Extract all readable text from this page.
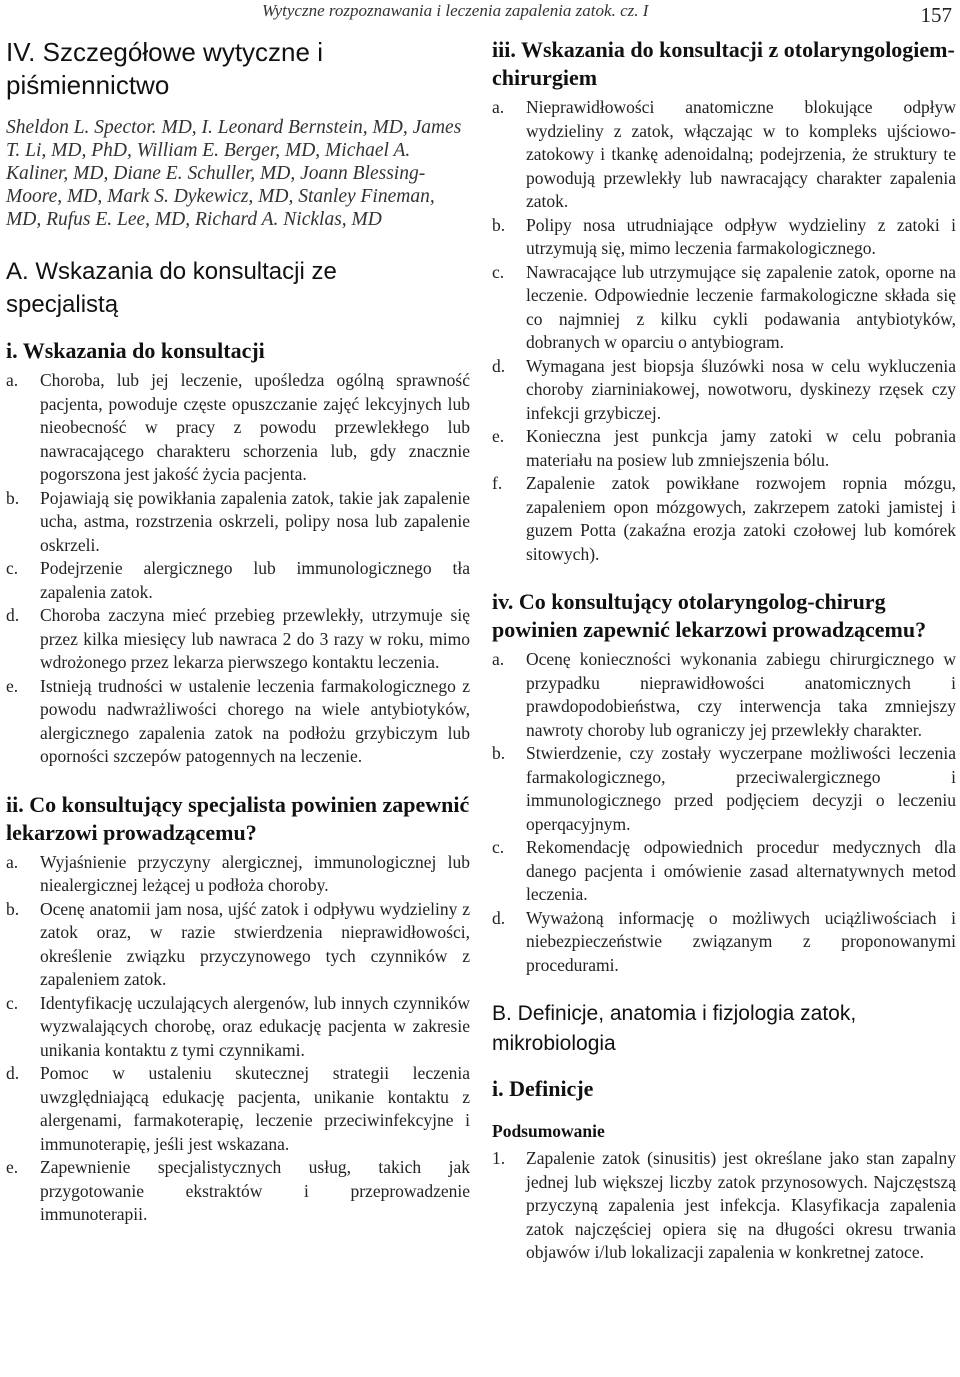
Wytyczne rozpoznawania i leczenia zapalenia zatok. cz. I	157
IV. Szczegółowe wytyczne i piśmiennictwo
Sheldon L. Spector. MD, I. Leonard Bernstein, MD, James T. Li, MD, PhD, William E. Berger, MD, Michael A. Kaliner, MD, Diane E. Schuller, MD, Joann Blessing-Moore, MD, Mark S. Dykewicz, MD, Stanley Fineman, MD, Rufus E. Lee, MD, Richard A. Nicklas, MD
A. Wskazania do konsultacji ze specjalistą
i. Wskazania do konsultacji
a.	Choroba, lub jej leczenie, upośledza ogólną sprawność pacjenta, powoduje częste opuszczanie zajęć lekcyjnych lub nieobecność w pracy z powodu przewlekłego lub nawracającego charakteru schorzenia lub, gdy znacznie pogorszona jest jakość życia pacjenta.
b.	Pojawiają się powikłania zapalenia zatok, takie jak zapalenie ucha, astma, rozstrzenia oskrzeli, polipy nosa lub zapalenie oskrzeli.
c.	Podejrzenie alergicznego lub immunologicznego tła zapalenia zatok.
d.	Choroba zaczyna mieć przebieg przewlekły, utrzymuje się przez kilka miesięcy lub nawraca 2 do 3 razy w roku, mimo wdrożonego przez lekarza pierwszego kontaktu leczenia.
e.	Istnieją trudności w ustalenie leczenia farmakologicznego z powodu nadwrażliwości chorego na wiele antybiotyków, alergicznego zapalenia zatok na podłożu grzybiczym lub oporności szczepów patogennych na leczenie.
ii. Co konsultujący specjalista powinien zapewnić lekarzowi prowadzącemu?
a.	Wyjaśnienie przyczyny alergicznej, immunologicznej lub niealergicznej leżącej u podłoża choroby.
b.	Ocenę anatomii jam nosa, ujść zatok i odpływu wydzieliny z zatok oraz, w razie stwierdzenia nieprawidłowości, określenie związku przyczynowego tych czynników z zapaleniem zatok.
c.	Identyfikację uczulających alergenów, lub innych czynników wyzwalających chorobę, oraz edukację pacjenta w zakresie unikania kontaktu z tymi czynnikami.
d.	Pomoc w ustaleniu skutecznej strategii leczenia uwzględniającą edukację pacjenta, unikanie kontaktu z alergenami, farmakoterapię, leczenie przeciwinfekcyjne i immunoterapię, jeśli jest wskazana.
e.	Zapewnienie specjalistycznych usług, takich jak przygotowanie ekstraktów i przeprowadzenie immunoterapii.
iii. Wskazania do konsultacji z otolaryngologiem-chirurgiem
a.	Nieprawidłowości anatomiczne blokujące odpływ wydzieliny z zatok, włączając w to kompleks ujściowo-zatokowy i tkankę adenoidalną; podejrzenia, że struktury te powodują przewlekły lub nawracający charakter zapalenia zatok.
b.	Polipy nosa utrudniające odpływ wydzieliny z zatoki i utrzymują się, mimo leczenia farmakologicznego.
c.	Nawracające lub utrzymujące się zapalenie zatok, oporne na leczenie. Odpowiednie leczenie farmakologiczne składa się co najmniej z kilku cykli podawania antybiotyków, dobranych w oparciu o antybiogram.
d.	Wymagana jest biopsja śluzówki nosa w celu wykluczenia choroby ziarniniakowej, nowotworu, dyskinezy rzęsek czy infekcji grzybiczej.
e.	Konieczna jest punkcja jamy zatoki w celu pobrania materiału na posiew lub zmniejszenia bólu.
f.	Zapalenie zatok powikłane rozwojem ropnia mózgu, zapaleniem opon mózgowych, zakrzepem zatoki jamistej i guzem Potta (zakaźna erozja zatoki czołowej lub komórek sitowych).
iv. Co konsultujący otolaryngolog-chirurg powinien zapewnić lekarzowi prowadzącemu?
a.	Ocenę konieczności wykonania zabiegu chirurgicznego w przypadku nieprawidłowości anatomicznych i prawdopodobieństwa, czy interwencja taka zmniejszy nawroty choroby lub ograniczy jej przewlekły charakter.
b.	Stwierdzenie, czy zostały wyczerpane możliwości leczenia farmakologicznego, przeciwalergicznego i immunologicznego przed podjęciem decyzji o leczeniu operqacyjnym.
c.	Rekomendację odpowiednich procedur medycznych dla danego pacjenta i omówienie zasad alternatywnych metod leczenia.
d.	Wyważoną informację o możliwych uciążliwościach i niebezpieczeństwie związanym z proponowanymi procedurami.
B. Definicje, anatomia i fizjologia zatok, mikrobiologia
i. Definicje
Podsumowanie
1.	Zapalenie zatok (sinusitis) jest określane jako stan zapalny jednej lub większej liczby zatok przynosowych. Najczęstszą przyczyną zapalenia jest infekcja. Klasyfikacja zapalenia zatok najczęściej opiera się na długości okresu trwania objawów i/lub lokalizacji zapalenia w konkretnej zatoce.
